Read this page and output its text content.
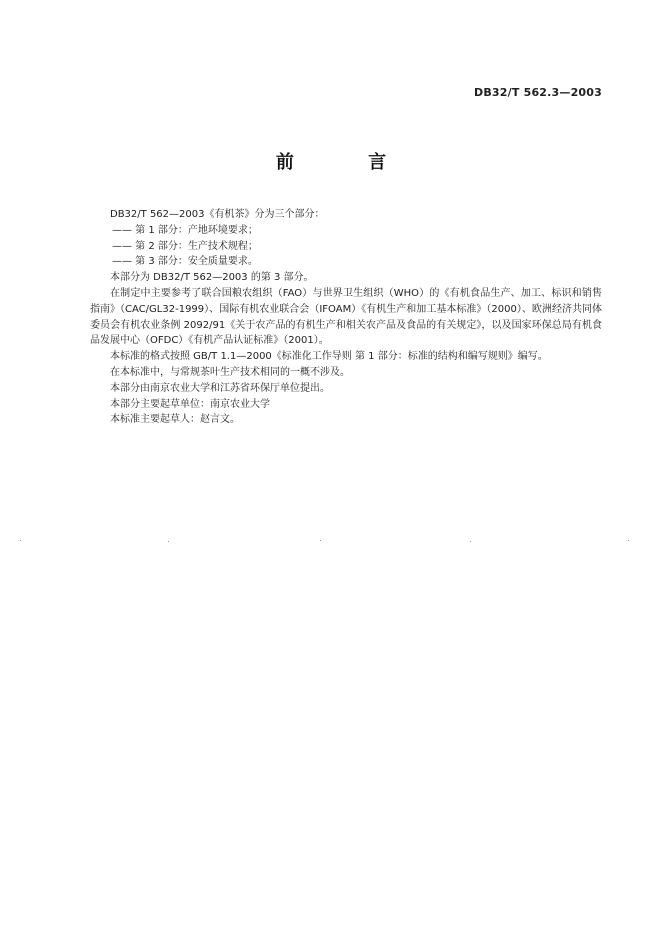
DB32/T 562.3—2003
前 言
DB32/T 562—2003《有机茶》分为三个部分：
—— 第 1 部分：产地环境要求；
—— 第 2 部分：生产技术规程；
—— 第 3 部分：安全质量要求。
本部分为 DB32/T 562—2003 的第 3 部分。
在制定中主要参考了联合国粮农组织（FAO）与世界卫生组织（WHO）的《有机食品生产、加工、标识和销售指南》（CAC/GL32-1999）、国际有机农业联合会（IFOAM）《有机生产和加工基本标准》（2000）、欧洲经济共同体委员会有机农业条例 2092/91《关于农产品的有机生产和相关农产品及食品的有关规定》，以及国家环保总局有机食品发展中心（OFDC）《有机产品认证标准》（2001）。
本标准的格式按照 GB/T 1.1—2000《标准化工作导则 第 1 部分：标准的结构和编写规则》编写。
在本标准中，与常规茶叶生产技术相同的一概不涉及。
本部分由南京农业大学和江苏省环保厅单位提出。
本部分主要起草单位：南京农业大学
本标准主要起草人：赵言文。
